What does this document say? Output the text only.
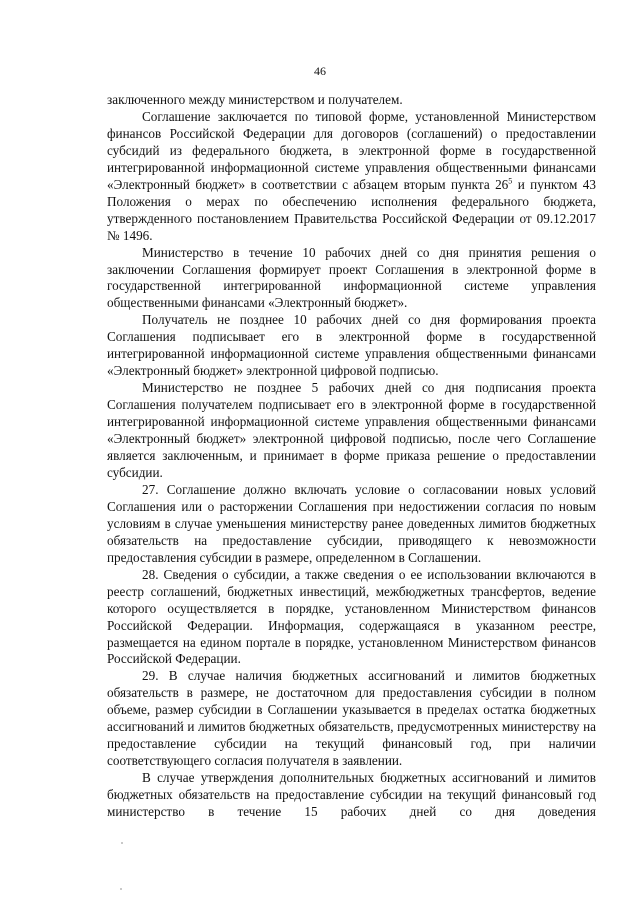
46

заключенного между министерством и получателем.

Соглашение заключается по типовой форме, установленной Министерством финансов Российской Федерации для договоров (соглашений) о предоставлении субсидий из федерального бюджета, в электронной форме в государственной интегрированной информационной системе управления общественными финансами «Электронный бюджет» в соответствии с абзацем вторым пункта $26^5$ и пунктом 43 Положения о мерах по обеспечению исполнения федерального бюджета, утвержденного постановлением Правительства Российской Федерации от 09.12.2017 № 1496.

Министерство в течение 10 рабочих дней со дня принятия решения о заключении Соглашения формирует проект Соглашения в электронной форме в государственной интегрированной информационной системе управления общественными финансами «Электронный бюджет».

Получатель не позднее 10 рабочих дней со дня формирования проекта Соглашения подписывает его в электронной форме в государственной интегрированной информационной системе управления общественными финансами «Электронный бюджет» электронной цифровой подписью.

Министерство не позднее 5 рабочих дней со дня подписания проекта Соглашения получателем подписывает его в электронной форме в государственной интегрированной информационной системе управления общественными финансами «Электронный бюджет» электронной цифровой подписью, после чего Соглашение является заключенным, и принимает в форме приказа решение о предоставлении субсидии.

27. Соглашение должно включать условие о согласовании новых условий Соглашения или о расторжении Соглашения при недостижении согласия по новым условиям в случае уменьшения министерству ранее доведенных лимитов бюджетных обязательств на предоставление субсидии, приводящего к невозможности предоставления субсидии в размере, определенном в Соглашении.

28. Сведения о субсидии, а также сведения о ее использовании включаются в реестр соглашений, бюджетных инвестиций, межбюджетных трансфертов, ведение которого осуществляется в порядке, установленном Министерством финансов Российской Федерации. Информация, содержащаяся в указанном реестре, размещается на едином портале в порядке, установленном Министерством финансов Российской Федерации.

29. В случае наличия бюджетных ассигнований и лимитов бюджетных обязательств в размере, не достаточном для предоставления субсидии в полном объеме, размер субсидии в Соглашении указывается в пределах остатка бюджетных ассигнований и лимитов бюджетных обязательств, предусмотренных министерству на предоставление субсидии на текущий финансовый год, при наличии соответствующего согласия получателя в заявлении.

В случае утверждения дополнительных бюджетных ассигнований и лимитов бюджетных обязательств на предоставление субсидии на текущий финансовый год министерство в течение 15 рабочих дней со дня доведения
